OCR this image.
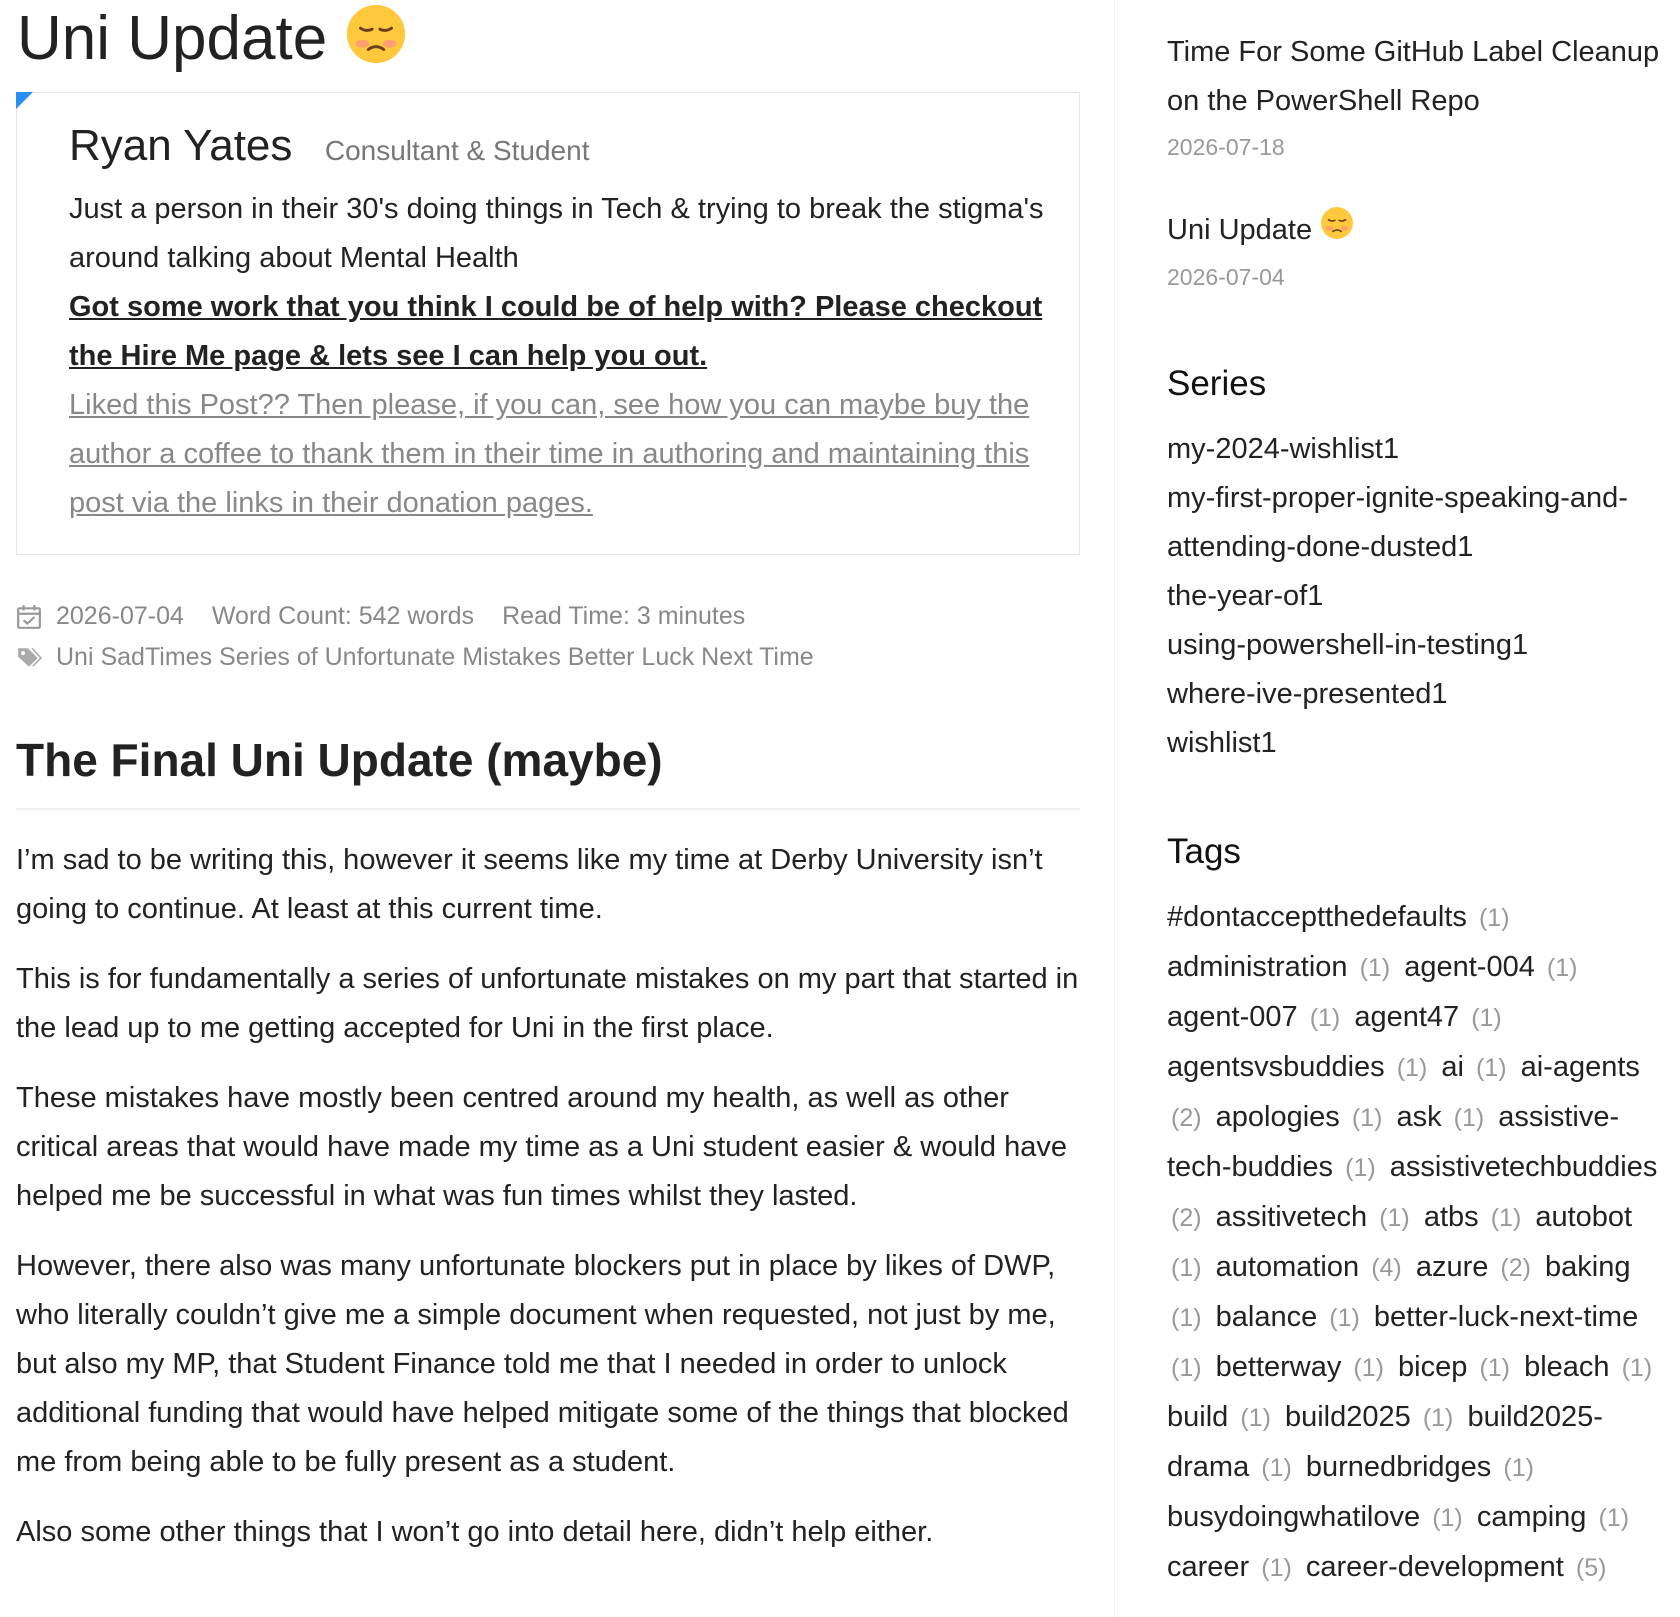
Uni Update
Ryan Yates Consultant & Student

Just a person in their 30's doing things in Tech & trying to break the stigma's around talking about Mental Health

Got some work that you think I could be of help with? Please checkout the Hire Me page & lets see I can help you out.

Liked this Post?? Then please, if you can, see how you can maybe buy the author a coffee to thank them in their time in authoring and maintaining this post via the links in their donation pages.

2026-07-04 Word Count: 542 words Read Time: 3 minutes
Uni SadTimes Series of Unfortunate Mistakes Better Luck Next Time
The Final Uni Update (maybe)

I’m sad to be writing this, however it seems like my time at Derby University isn’t going to continue. At least at this current time.

This is for fundamentally a series of unfortunate mistakes on my part that started in the lead up to me getting accepted for Uni in the first place.

These mistakes have mostly been centred around my health, as well as other critical areas that would have made my time as a Uni student easier & would have helped me be successful in what was fun times whilst they lasted.

However, there also was many unfortunate blockers put in place by likes of DWP, who literally couldn’t give me a simple document when requested, not just by me, but also my MP, that Student Finance told me that I needed in order to unlock additional funding that would have helped mitigate some of the things that blocked me from being able to be fully present as a student.

Also some other things that I won’t go into detail here, didn’t help either.

Time For Some GitHub Label Cleanup on the PowerShell Repo
2026-07-18
Uni Update
2026-07-04
Series
my-2024-wishlist1
my-first-proper-ignite-speaking-and-attending-done-dusted1
the-year-of1
using-powershell-in-testing1
where-ive-presented1
wishlist1
Tags
#dontacceptthedefaults (1) administration (1) agent-004 (1) agent-007 (1) agent47 (1) agentsvsbuddies (1) ai (1) ai-agents (2) apologies (1) ask (1) assistive-tech-buddies (1) assistivetechbuddies (2) assitivetech (1) atbs (1) autobot (1) automation (4) azure (2) baking (1) balance (1) better-luck-next-time (1) betterway (1) bicep (1) bleach (1) build (1) build2025 (1) build2025-drama (1) burnedbridges (1) busydoingwhatilove (1) camping (1) career (1) career-development (5)
